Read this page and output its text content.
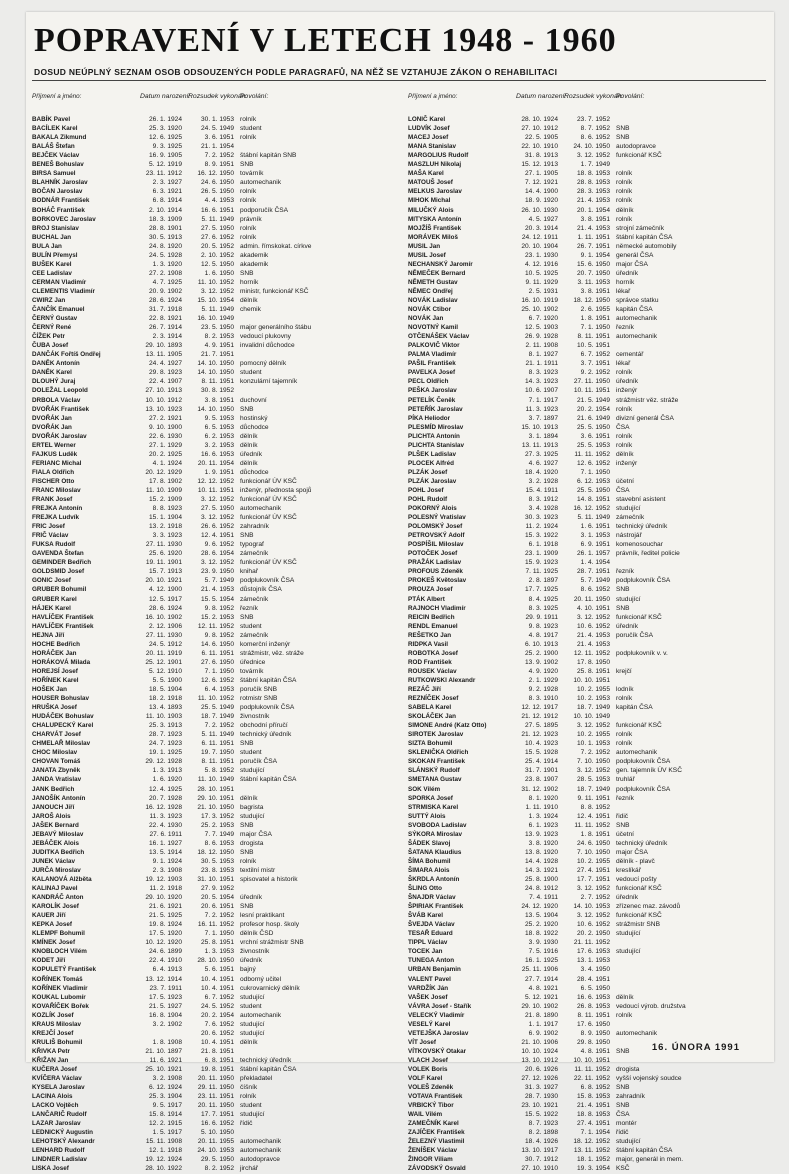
POPRAVENÍ V LETECH 1948 - 1960
DOSUD NEÚPLNÝ SEZNAM OSOB ODSOUZENÝCH PODLE PARAGRAFŮ, NA NĚŽ SE VZTAHUJE ZÁKON O REHABILITACI
Příjmení a jméno:	Datum narození:
Rozsudek vykonán:
Povolání:
BABÍK Pavel	26. 1. 1924	30. 1. 1953 rolník
BACÍLEK Karel	25. 3. 1920	24. 5. 1949 student
BAKALA Zikmund	12. 6. 1925	3. 6. 1951 rolník
BALÁŠ Štefan	9. 3. 1925	21. 1. 1954
BEJČEK Václav	16. 9. 1905	7. 2. 1952 štábní kapitán SNB
BENEŠ Bohuslav	5. 12. 1919	8. 9. 1951 SNB
BIRSA Samuel	23. 11. 1912	16. 12. 1950 továrník
BLAHNÍK Jaroslav	2. 3. 1927	24. 6. 1950 automechanik
BOČAN Jaroslav	6. 3. 1921	26. 5. 1950 rolník
BODNÁR František	6. 8. 1914	4. 4. 1953 rolník
BOHÁČ František	2. 10. 1914	16. 6. 1951 podporučík ČSA
BORKOVEC Jaroslav	18. 3. 1909	5. 11. 1949 právník
BROJ Stanislav	28. 8. 1901	27. 5. 1950 rolník
BUCHAL Jan	30. 5. 1913	27. 6. 1952 rolník
BULA Jan	24. 8. 1920	20. 5. 1952 admin. římskokat. církve
BULÍN Přemysl	24. 5. 1928	2. 10. 1952 akademik
BUŠEK Karel	1. 3. 1920	12. 5. 1950 akademik
CEE Ladislav	27. 2. 1908	1. 6. 1950 SNB
CERMAN Vladimír	4. 7. 1925	11. 10. 1952 horník
CLEMENTIS Vladimír	20. 9. 1902	3. 12. 1952 ministr, funkcionář KSČ
CWIRZ Jan	28. 6. 1924	15. 10. 1954 dělník
ČANČÍK Emanuel	31. 7. 1918	5. 11. 1949 chemik
ČERNÝ Gustav	22. 8. 1921	16. 10. 1949
ČERNÝ René	26. 7. 1914	23. 5. 1950 major generálního štábu
ČÍŽEK Petr	2. 3. 1914	8. 2. 1953 vedoucí plukovny
ČUBA Josef	29. 10. 1893	4. 9. 1951 invalidní důchodce
DANČÁK Fořtíš Ondřej	13. 11. 1905	21. 7. 1951
DANĚK Antonín	24. 4. 1927	14. 10. 1950 pomocný dělník
DANĚK Karel	29. 8. 1923	14. 10. 1950 student
DLOUHÝ Juraj	22. 4. 1907	8. 11. 1951 konzulární tajemník
DOLEŽAL Leopold	27. 10. 1913	30. 8. 1952
DRBOLA Václav	10. 10. 1912	3. 8. 1951 duchovní
DVOŘÁK František	13. 10. 1923	14. 10. 1950 SNB
DVOŘÁK Jan	27. 2. 1921	9. 5. 1953 hostinský
DVOŘÁK Jan	9. 10. 1900	6. 5. 1953 důchodce
DVOŘÁK Jaroslav	22. 6. 1930	6. 2. 1953 dělník
ERTEL Werner	27. 1. 1929	3. 2. 1953 dělník
FAJKUS Luděk	20. 2. 1925	16. 6. 1953 úředník
FERIANC Michal	4. 1. 1924	20. 11. 1954 dělník
FIALA Oldřich	20. 12. 1929	1. 9. 1951 důchodce
FISCHER Otto	17. 8. 1902	12. 12. 1952 funkcionář ÚV KSČ
FRANC Miloslav	11. 10. 1909	10. 11. 1951 inženýr, přednosta spojů
FRANK Josef	15. 2. 1909	3. 12. 1952 funkcionář ÚV KSČ
FREJKA Antonín	8. 8. 1923	27. 5. 1950 automechanik
FREJKA Ludvík	15. 1. 1904	3. 12. 1952 funkcionář ÚV KSČ
FRIC Josef	13. 2. 1918	26. 6. 1952 zahradník
FRIČ Václav	3. 3. 1923	12. 4. 1951 SNB
FUKSA Rudolf	27. 11. 1930	9. 6. 1952 typograf
GAVENDA Štefan	25. 6. 1920	28. 6. 1954 zámečník
GEMINDER Bedřich	19. 11. 1901	3. 12. 1952 funkcionář ÚV KSČ
GOLDSMID Josef	15. 7. 1913	23. 9. 1950 knihař
GONIC Josef	20. 10. 1921	5. 7. 1949 podplukovník ČSA
GRUBER Bohumil	4. 12. 1900	21. 4. 1953 důstojník ČSA
GRUBER Karel	12. 5. 1917	15. 5. 1954 zámečník
HÁJEK Karel	28. 6. 1924	9. 8. 1952 řezník
HAVLÍČEK František	16. 10. 1902	15. 2. 1953 SNB
HAVLÍČEK František	2. 12. 1906	12. 11. 1952 student
HEJNA Jiří	27. 11. 1930	9. 8. 1952 zámečník
HOCHE Bedřich	24. 5. 1912	14. 6. 1950 komerční inženýr
HORÁČEK Jan	20. 11. 1919	6. 11. 1951 strážmistr, věz. stráže
HORÁKOVÁ Milada	25. 12. 1901	27. 6. 1950 úřednice
HOREJSÍ Josef	5. 12. 1910	7. 1. 1950 továrník
HOŘÍNEK Karel	5. 5. 1900	12. 6. 1952 štábní kapitán ČSA
HOŠEK Jan	18. 5. 1904	6. 4. 1953 poručík SNB
HOUSER Bohuslav	18. 2. 1918	11. 10. 1952 rotmistr SNB
HRUŠKA Josef	13. 4. 1893	25. 5. 1949 podplukovník ČSA
HUDÁČEK Bohuslav	11. 10. 1903	18. 7. 1949 živnostník
CHALUPECKÝ Karel	25. 3. 1913	7. 2. 1952 obchodní příručí
CHARVÁT Josef	28. 7. 1923	5. 11. 1949 technický úředník
CHMELAŘ Miloslav	24. 7. 1923	6. 11. 1951 SNB
CHOC Miloslav	19. 1. 1925	19. 7. 1950 student
CHOVAN Tomáš	29. 12. 1928	8. 11. 1951 poručík ČSA
JANATA Zbyněk	1. 3. 1913	5. 8. 1952 studující
JANDA Vratislav	1. 6. 1920	11. 10. 1949 štábní kapitán ČSA
JANK Bedřich	12. 4. 1925	28. 10. 1951
JANOŠÍK Antonín	20. 7. 1928	29. 10. 1951 dělník
JANOUCH Jiří	16. 12. 1928	21. 10. 1950 bagrista
JAROŠ Alois	11. 3. 1923	17. 3. 1952 studující
JAŠEK Bernard	22. 4. 1930	25. 2. 1953 SNB
JEBAVÝ Miloslav	27. 6. 1911	7. 7. 1949 major ČSA
JEBÁČEK Alois	16. 1. 1927	8. 6. 1953 drogista
JUDITKA Bedřich	13. 5. 1914	18. 12. 1950 SNB
JUNEK Václav	9. 1. 1924	30. 5. 1953 rolník
JURČA Miroslav	2. 3. 1908	23. 8. 1953 textilní mistr
KALANOVÁ Alžběta	19. 12. 1903	31. 10. 1951 spisovatel a historik
KALINAJ Pavel	11. 2. 1918	27. 9. 1952
KANDRÁČ Anton	29. 10. 1920	20. 5. 1954 úředník
KAROLÍK Josef	21. 6. 1921	20. 6. 1951 SNB
KAUER Jiří	21. 5. 1925	7. 2. 1952 lesní praktikant
KEPKA Josef	19. 8. 1924	16. 11. 1952 profesor hosp. školy
KLEMPF Bohumil	17. 5. 1920	7. 1. 1950 dělník ČSD
KMÍNEK Josef	10. 12. 1920	25. 8. 1951 vrchní strážmistr SNB
KNOBLOCH Vilém	24. 6. 1899	1. 3. 1953 živnostník
KODET Jiří	22. 4. 1910	28. 10. 1950 úředník
KOPULETÝ František	6. 4. 1913	5. 6. 1951 bajný
KOŘÍNEK Tomáš	13. 12. 1914	10. 4. 1951 odborný učitel
KOŘÍNEK Vladimír	23. 7. 1911	10. 4. 1951 cukrovarnický dělník
KOUKAL Lubomír	17. 5. 1923	6. 7. 1952 studující
KOVAŘÍČEK Bořek	21. 5. 1927	24. 5. 1952 student
KOZLÍK Josef	16. 8. 1904	20. 2. 1954 automechanik
KRAUS Miloslav	3. 2. 1902	7. 6. 1952 studující
KREJČÍ Josef	20. 6. 1952 studující
KRULIŠ Bohumil	1. 8. 1908	10. 4. 1951 dělník
KŘIVKA Petr	21. 10. 1897	21. 8. 1951
KŘIŽAN Jan	11. 6. 1921	6. 8. 1951 technický úředník
KUČERA Josef	25. 10. 1921	19. 8. 1951 štábní kapitán ČSA
KVÍČERA Václav	3. 2. 1908	20. 11. 1950 překladatel
KYSELA Jaroslav	6. 12. 1924	29. 11. 1950 číšník
LACINA Alois	25. 3. 1904	23. 11. 1951 rolník
LACKO Vojtěch	9. 5. 1917	20. 11. 1950 student
LANČARIČ Rudolf	15. 8. 1914	17. 7. 1951 studující
LAZAR Jaroslav	12. 2. 1915	16. 6. 1952 řídič
LEDNICKÝ Augustin	1. 5. 1917	5. 10. 1950
LEHOTSKÝ Alexandr	15. 11. 1908	20. 11. 1955 automechanik
LENHARD Rudolf	12. 1. 1918	24. 10. 1953 automechanik
LINDNER Ladislav	19. 12. 1924	29. 5. 1950 autodopravce
LISKA Josef	28. 10. 1922	8. 2. 1952 jirchář
Příjmení a jméno:	Datum narození:
Rozsudek vykonán:
Povolání:
LONIČ Karel	28. 10. 1924	23. 7. 1952
LUDVÍK Josef	27. 10. 1912	8. 7. 1952 SNB
MACEJ Josef	22. 5. 1905	8. 6. 1952 SNB
MANA Stanislav	22. 10. 1910	24. 10. 1950 autodopravce
MARGOLIUS Rudolf	31. 8. 1913	3. 12. 1952 funkcionář KSČ
MASZLUH Nikolaj	15. 12. 1913	1. 7. 1949
MAŠA Karel	27. 1. 1905	18. 8. 1953 rolník
MATOUŠ Josef	7. 12. 1921	28. 8. 1953 rolník
MELKUS Jaroslav	14. 4. 1900	28. 3. 1953 rolník
MIHOK Michal	18. 9. 1920	21. 4. 1953 rolník
MILUČKÝ Alois	26. 10. 1930	20. 1. 1954 dělník
MITYSKA Antonín	4. 5. 1927	3. 8. 1951 rolník
MOJŽÍŠ František	20. 3. 1914	21. 4. 1953 strojní zámečník
MORÁVEK Miloš	24. 12. 1911	1. 11. 1951 štábní kapitán ČSA
MUSIL Jan	20. 10. 1904	26. 7. 1951 německé automobily
MUSIL Josef	23. 1. 1930	9. 1. 1954 generál ČSA
NECHANSKÝ Jaromír	4. 12. 1916	15. 6. 1950 major ČSA
NĚMEČEK Bernard	10. 5. 1925	20. 7. 1950 úředník
NĚMETH Gustav	9. 11. 1929	3. 11. 1953 horník
NĚMEC Ondřej	2. 5. 1931	3. 8. 1951 lékař
NOVÁK Ladislav	16. 10. 1919	18. 12. 1950 správce statku
NOVÁK Ctibor	25. 10. 1902	2. 6. 1955 kapitán ČSA
NOVÁK Jan	6. 7. 1920	1. 8. 1951 automechanik
NOVOTNÝ Kamil	12. 5. 1903	7. 1. 1950 řezník
OTČENÁŠEK Václav	26. 9. 1928	8. 11. 1951 automechanik
PALKOVIČ Viktor	2. 11. 1908	10. 5. 1951
PALMA Vladimír	8. 1. 1927	6. 7. 1952 cementář
PAŠIL František	21. 1. 1911	3. 7. 1951 lékař
PAVELKA Josef	8. 3. 1923	9. 2. 1952 rolník
PECL Oldřich	14. 3. 1923	27. 11. 1950 úředník
PEŠKA Jaroslav	10. 6. 1907	10. 11. 1951 inženýr
PETELÍK Čeněk	7. 1. 1917	21. 5. 1949 strážmistr věz. stráže
PETEŘÍK Jaroslav	11. 3. 1923	20. 2. 1954 rolník
PÍKA Heliodor	3. 7. 1897	21. 6. 1949 divizní generál ČSA
PLESMÍD Miroslav	15. 10. 1913	25. 5. 1950 ČSA
PLICHTA Antonín	3. 1. 1894	3. 6. 1951 rolník
PLICHTA Stanislav	13. 11. 1913	25. 5. 1953 rolník
PLŠEK Ladislav	27. 3. 1925	11. 11. 1952 dělník
PLOCEK Alfréd	4. 6. 1927	12. 6. 1952 inženýr
PLZÁK Josef	18. 4. 1920	7. 1. 1950
PLZÁK Jaroslav	3. 2. 1928	6. 12. 1953 účetní
POHL Josef	15. 4. 1911	25. 5. 1950 ČSA
POHL Rudolf	8. 3. 1912	14. 8. 1951 stavební asistent
POKORNÝ Alois	3. 4. 1928	16. 12. 1952 studující
POLESNÝ Vratislav	30. 3. 1923	5. 11. 1949 zámečník
POLOMSKÝ Josef	11. 2. 1924	1. 6. 1951 technický úředník
PETROVSKÝ Adolf	15. 3. 1922	3. 1. 1953 nástrojář
POSPÍŠIL Miloslav	6. 1. 1918	6. 9. 1951 komenosouchar
POTOČEK Josef	23. 1. 1909	26. 1. 1957 právník, ředitel policie
PRAŽÁK Ladislav	15. 9. 1923	1. 4. 1954
PROFOUS Zdeněk	7. 11. 1925	28. 7. 1951 řezník
PROKEŠ Květoslav	2. 8. 1897	5. 7. 1949 podplukovník ČSA
PROUZA Josef	17. 7. 1925	8. 6. 1952 SNB
PTÁK Albert	8. 4. 1925	20. 11. 1950 studující
RAJNOCH Vladimír	8. 3. 1925	4. 10. 1951 SNB
REICIN Bedřich	29. 9. 1911	3. 12. 1952 funkcionář KSČ
RENDL Emanuel	9. 8. 1923	10. 6. 1952 úředník
REŠETKO Jan	4. 8. 1917	21. 4. 1953 poručík ČSA
RIDPKA Vasil	6. 10. 1913	21. 4. 1953
ROBOTKA Josef	25. 2. 1900	12. 11. 1952 podplukovník v. v.
ROD František	13. 9. 1902	17. 8. 1950
ROUSEK Václav	4. 9. 1920	25. 8. 1951 krejčí
RUTKOWSKI Alexandr	2. 1. 1929	10. 10. 1951
REZÁČ Jiří	9. 2. 1928	10. 2. 1955 lodník
REZNÍČEK Josef	8. 3. 1910	10. 2. 1953 rolník
SABELA Karel	12. 12. 1917	18. 7. 1949 kapitán ČSA
SKOLÁČEK Jan	21. 12. 1912	10. 10. 1949
SIMONE André (Katz Otto)	27. 5. 1895	3. 12. 1952 funkcionář KSČ
SIROTEK Jaroslav	21. 12. 1923	10. 2. 1955 rolník
SIZTA Bohumil	10. 4. 1923	10. 1. 1953 rolník
SKLENIČKA Oldřich	15. 5. 1928	7. 2. 1952 automechanik
SKOKAN František	25. 4. 1914	7. 10. 1950 podplukovník ČSA
SLÁNSKÝ Rudolf	31. 7. 1901	3. 12. 1952 gen. tajemník ÚV KSČ
SMETANA Gustav	23. 8. 1907	28. 5. 1953 truhlář
SOK Vilém	31. 12. 1902	18. 7. 1949 podplukovník ČSA
SPORKA Josef	8. 1. 1920	9. 11. 1951 řezník
STRMISKA Karel	1. 11. 1910	8. 8. 1952
SUTTÝ Alois	1. 3. 1924	12. 4. 1951 řidič
SVOBODA Ladislav	6. 1. 1923	11. 11. 1952 SNB
SÝKORA Miroslav	13. 9. 1923	1. 8. 1951 účetní
ŠÁDEK Slavoj	3. 8. 1920	24. 6. 1950 technický úředník
ŠATANA Klaudius	13. 8. 1920	7. 10. 1950 major ČSA
ŠÍMA Bohumil	14. 4. 1928	10. 2. 1955 dělník - plavč
ŠIMARA Alois	14. 3. 1921	27. 4. 1951 kreslíkář
ŠKRDLA Antonín	25. 8. 1900	17. 7. 1951 vedoucí pošty
ŠLING Otto	24. 8. 1912	3. 12. 1952 funkcionář KSČ
ŠNAJDR Václav	7. 4. 1911	2. 7. 1952 úředník
ŠPIRIAK František	24. 12. 1920	14. 10. 1953 zřízenec maz. závodů
ŠVÁB Karel	13. 5. 1904	3. 12. 1952 funkcionář KSČ
ŠVEJDA Václav	25. 2. 1920	10. 6. 1952 strážmistr SNB
TESAŘ Eduard	18. 8. 1922	20. 2. 1950 studující
TIPPL Václav	3. 9. 1930	21. 11. 1952
TOCEK Jan	7. 5. 1916	17. 6. 1953 studující
TUNEGA Anton	16. 1. 1925	13. 1. 1953
URBAN Benjamin	25. 11. 1906	3. 4. 1950
VALENT Pavel	27. 7. 1914	28. 4. 1951
VARDŽÍK Ján	4. 8. 1921	6. 5. 1950
VAŠEK Josef	5. 12. 1921	16. 6. 1953 dělník
VÁVRA Josef - Stařík	29. 10. 1902	26. 8. 1953 vedoucí výrob. družstva
VELECKÝ Vladimír	21. 8. 1890	8. 11. 1951 rolník
VESELÝ Karel	1. 1. 1917	17. 6. 1950
VETEJŠKA Jaroslav	6. 9. 1902	8. 9. 1950 automechanik
VÍT Josef	21. 10. 1906	29. 8. 1950
VÍTKOVSKÝ Otakar	10. 10. 1924	4. 8. 1951 SNB
VLACH Josef	13. 10. 1912	10. 10. 1951
VOLEK Boris	20. 6. 1926	11. 11. 1952 drogista
VOLF Karel	27. 12. 1926	22. 11. 1952 vyšší vojenský soudce
VOLEŠ Zdeněk	31. 3. 1927	6. 8. 1952 SNB
VOTAVA František	28. 7. 1930	15. 8. 1953 zahradník
VRBICKÝ Tibor	23. 10. 1921	21. 4. 1951 SNB
WAIL Vilém	15. 5. 1922	18. 8. 1953 ČSA
ZAMEČNÍK Karel	8. 7. 1923	27. 4. 1951 montér
ZAJÍČEK František	8. 2. 1898	7. 1. 1954 řídič
ŽELEZNÝ Vlastimil	18. 4. 1926	18. 12. 1952 studující
ŽENÍŠEK Václav	13. 10. 1917	13. 11. 1952 štábní kapitán ČSA
ŽINGOR Viliam	30. 7. 1912	18. 1. 1952 major, generál in mem.
ZÁVODSKÝ Osvald	27. 10. 1910	19. 3. 1954 KSČ
16. ÚNORA 1991
